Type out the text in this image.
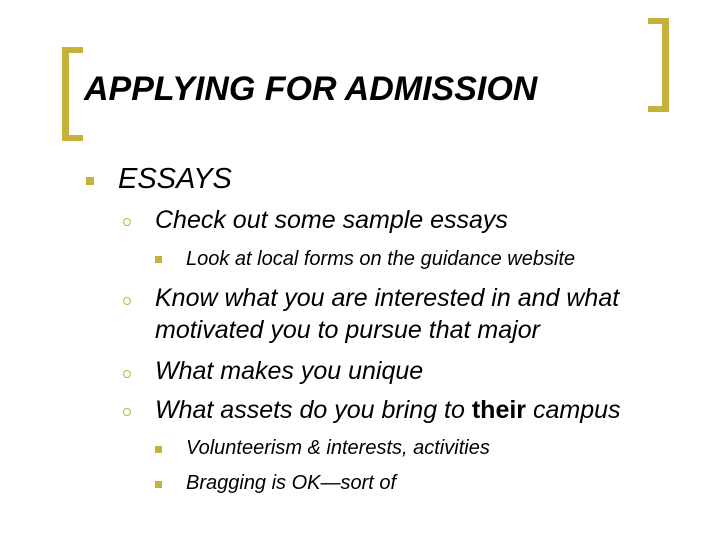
APPLYING FOR ADMISSION
ESSAYS
Check out some sample essays
Look at local forms on the guidance website
Know what you are interested in and what
motivated you to pursue that major
What makes you unique
What assets do you bring to their campus
Volunteerism & interests, activities
Bragging is OK—sort of
